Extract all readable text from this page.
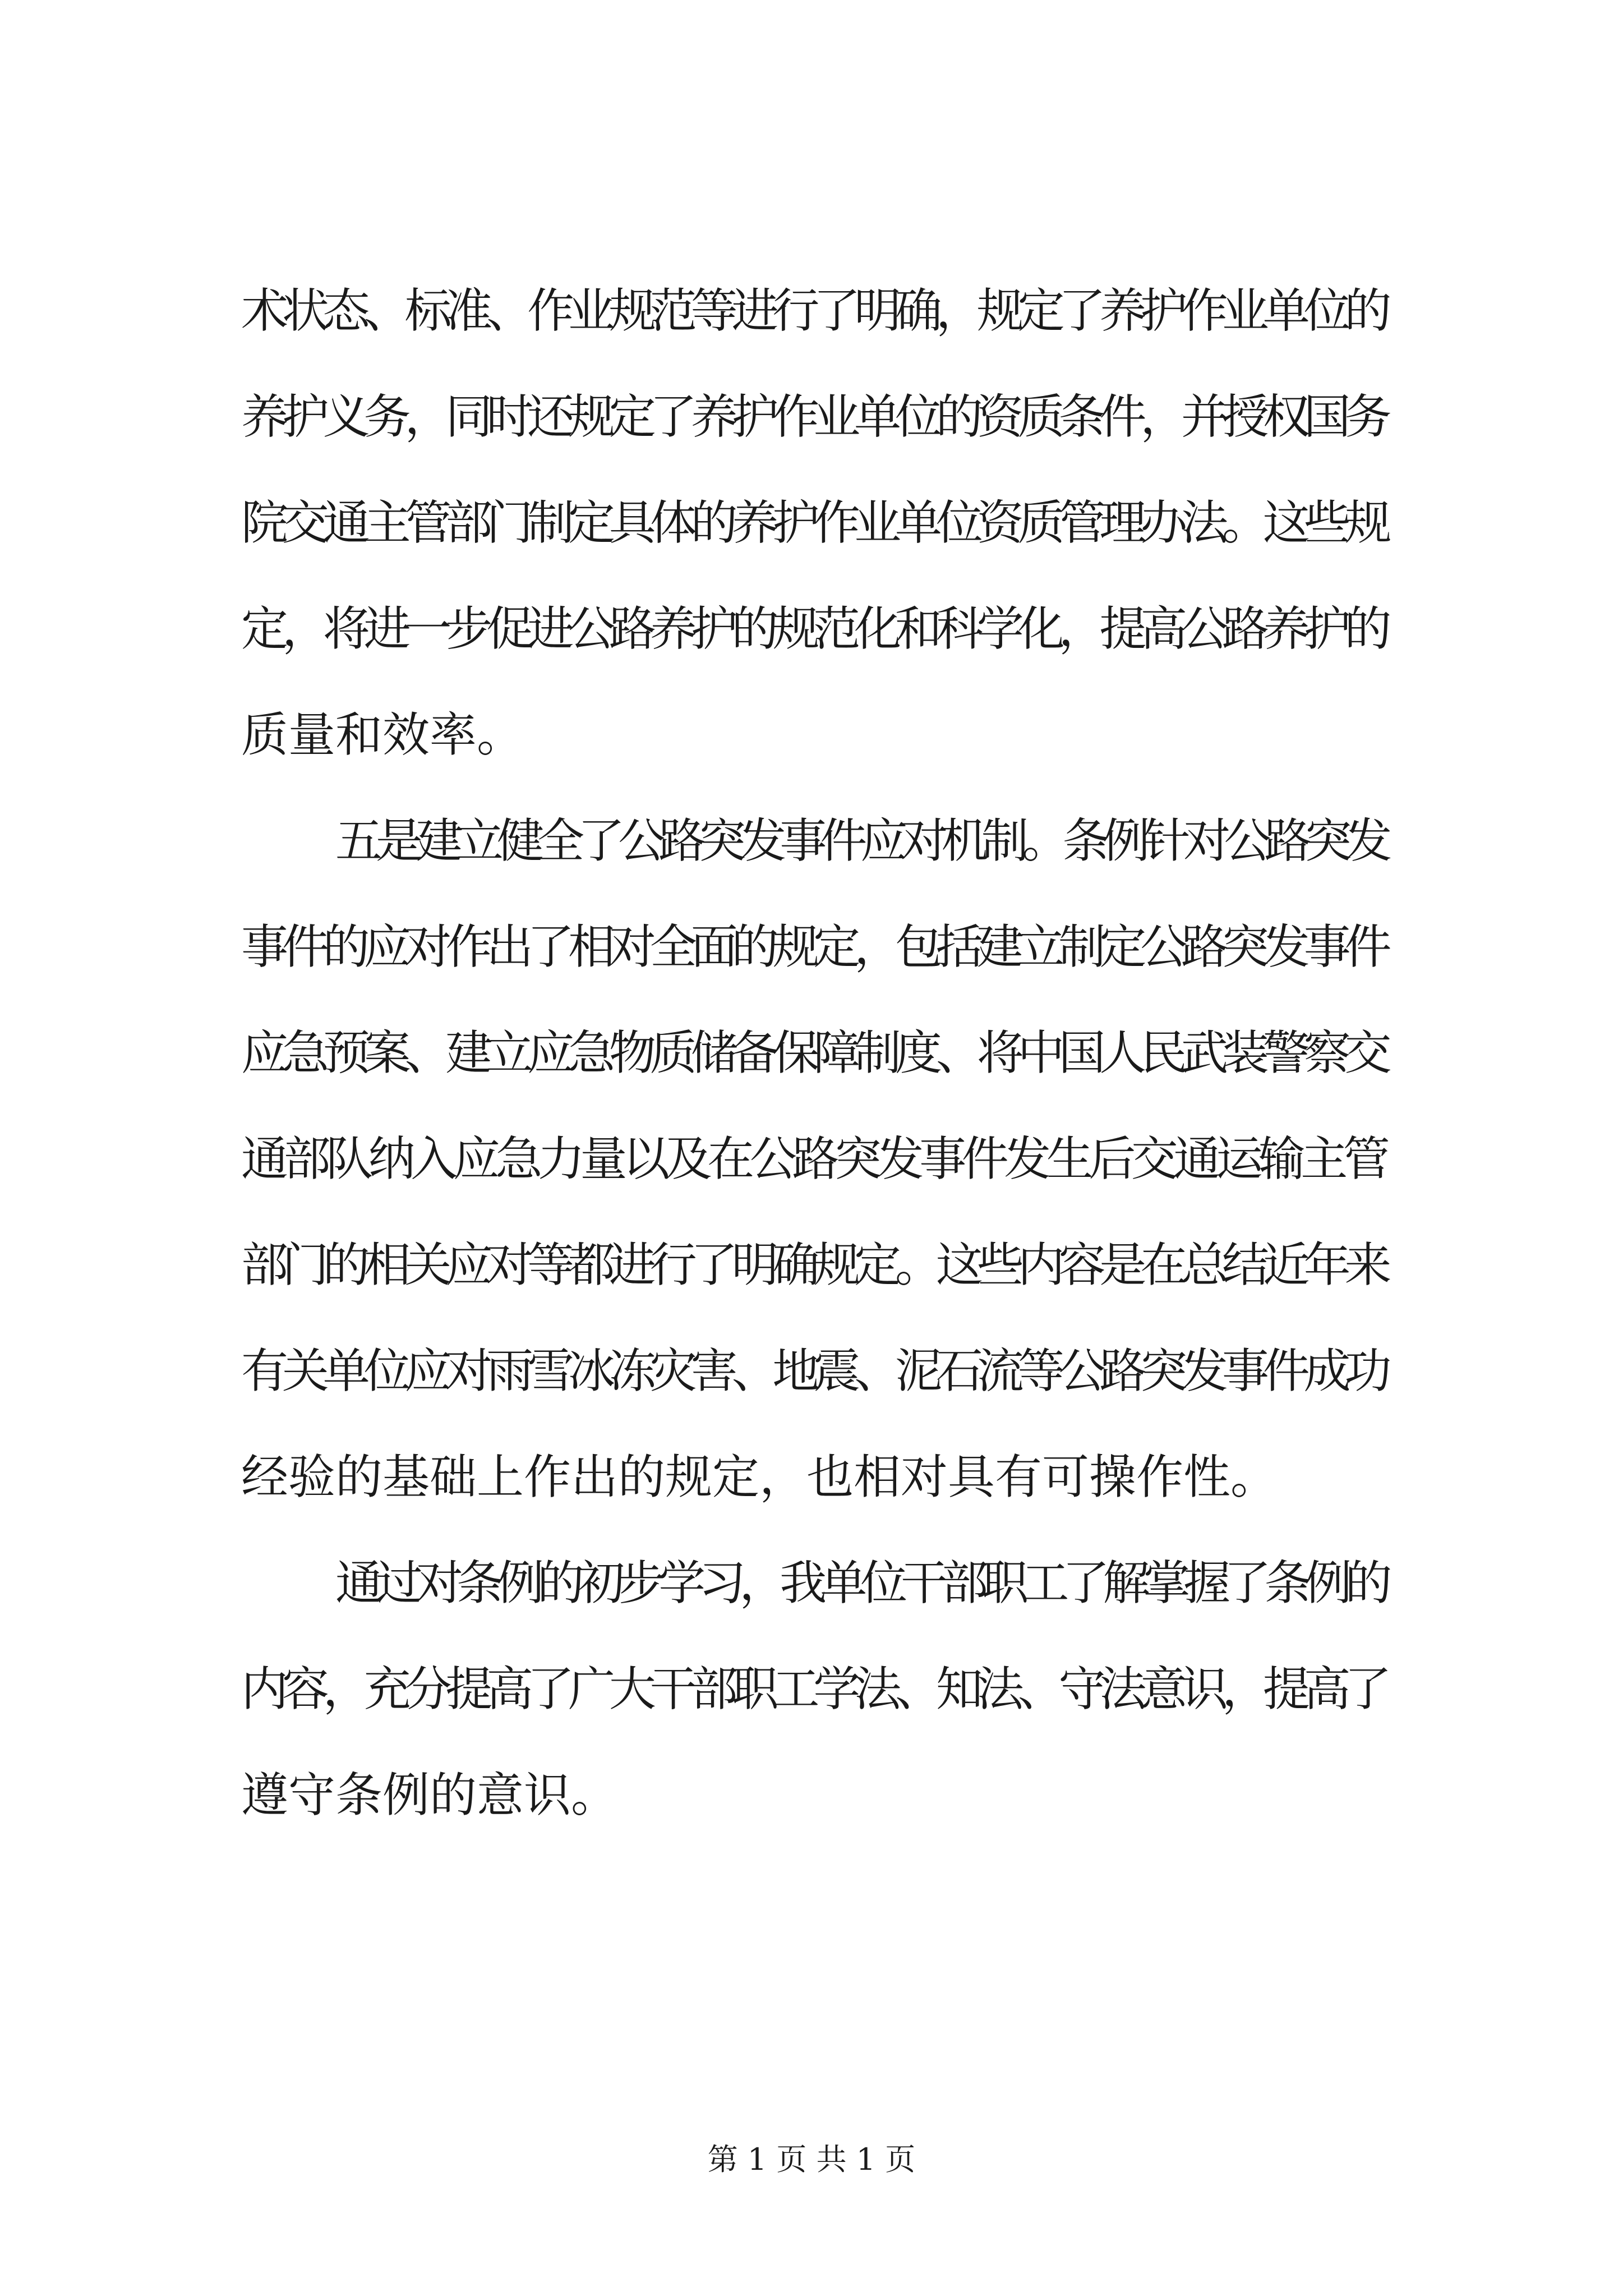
术状态、标准、作业规范等进行了明确，规定了养护作业单位的
养护义务，同时还规定了养护作业单位的资质条件，并授权国务
院交通主管部门制定具体的养护作业单位资质管理办法。这些规
定，将进一步促进公路养护的规范化和科学化，提高公路养护的
质量和效率。
五是建立健全了公路突发事件应对机制。条例针对公路突发
事件的应对作出了相对全面的规定，包括建立制定公路突发事件
应急预案、建立应急物质储备保障制度、将中国人民武装警察交
通部队纳入应急力量以及在公路突发事件发生后交通运输主管
部门的相关应对等都进行了明确规定。这些内容是在总结近年来
有关单位应对雨雪冰冻灾害、地震、泥石流等公路突发事件成功
经验的基础上作出的规定，也相对具有可操作性。
通过对条例的初步学习，我单位干部职工了解掌握了条例的
内容，充分提高了广大干部职工学法、知法、守法意识，提高了
遵守条例的意识。
第 1 页 共 1 页
